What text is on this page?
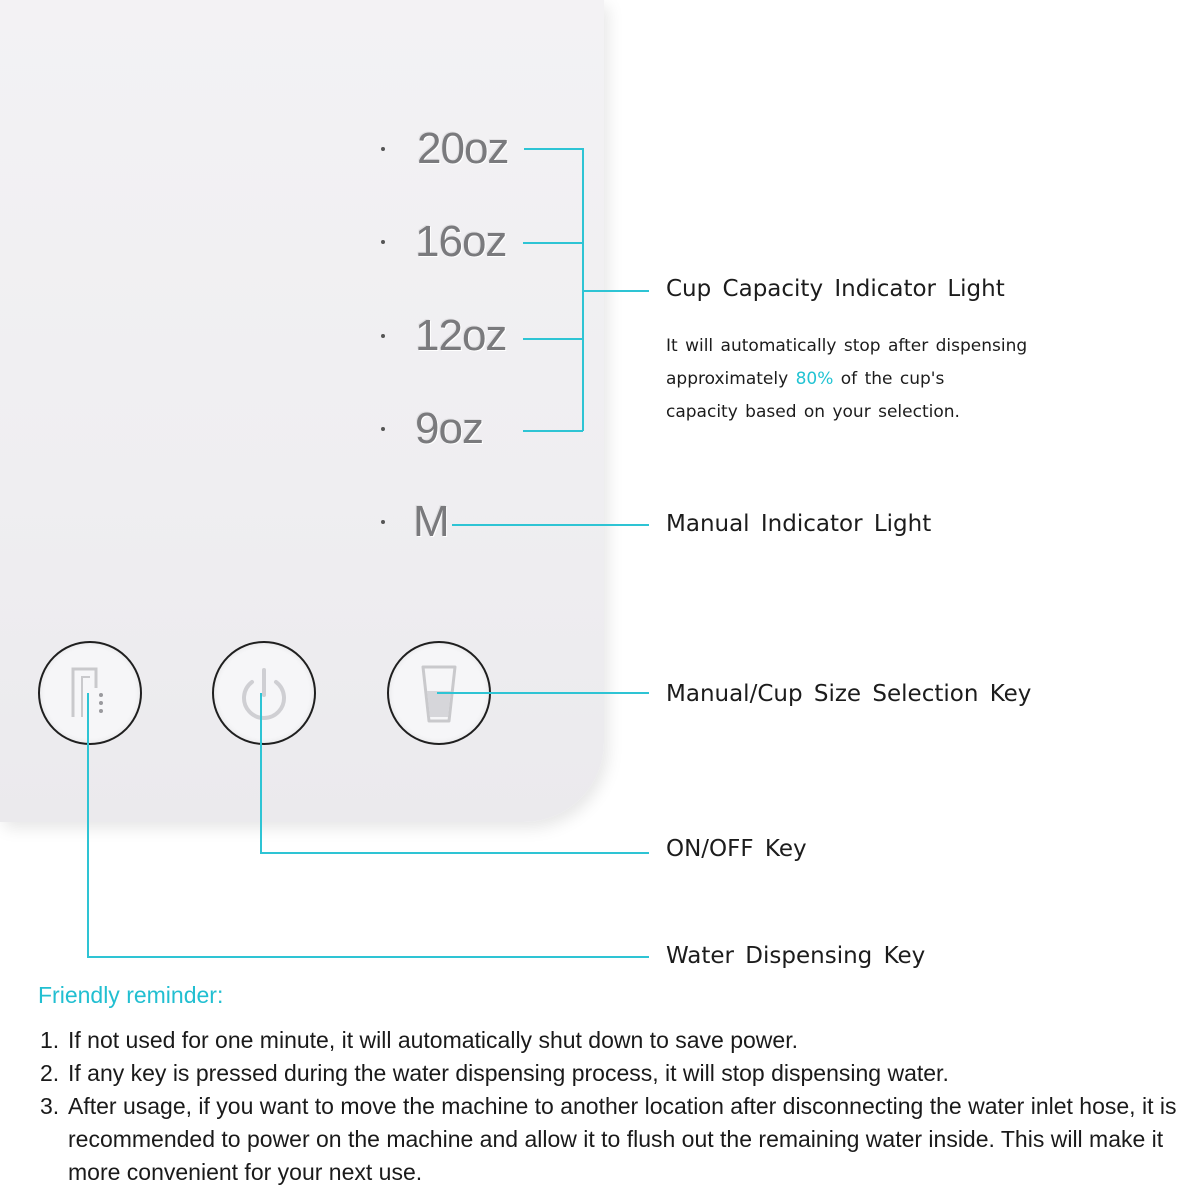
20oz
16oz
12oz
9oz
M
Cup Capacity Indicator Light
It will automatically stop after dispensing
approximately 80% of the cup's
capacity based on your selection.
Manual Indicator Light
Manual/Cup Size Selection Key
ON/OFF Key
Water Dispensing Key
Friendly reminder:
1. If not used for one minute, it will automatically shut down to save power.
2. If any key is pressed during the water dispensing process, it will stop dispensing water.
3. After usage, if you want to move the machine to another location after disconnecting the water inlet hose, it is recommended to power on the machine and allow it to flush out the remaining water inside. This will make it more convenient for your next use.
